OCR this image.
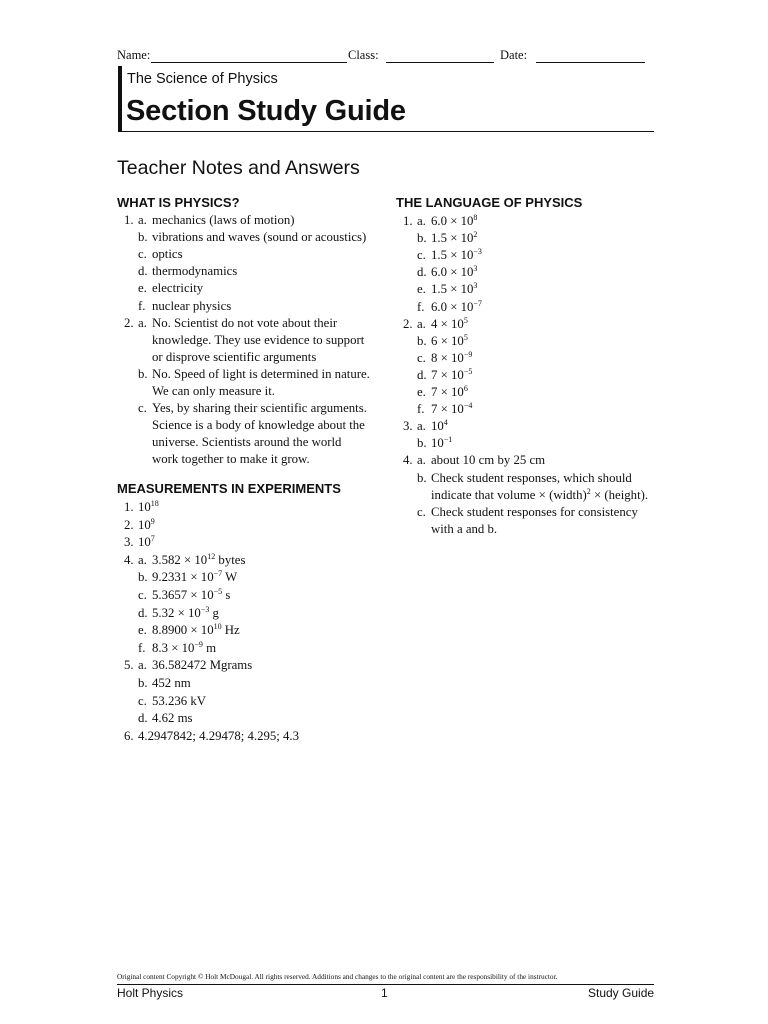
Name:	Class:	Date:
The Science of Physics
Section Study Guide
Teacher Notes and Answers
WHAT IS PHYSICS?
MEASUREMENTS IN EXPERIMENTS
THE LANGUAGE OF PHYSICS
1. a. mechanics (laws of motion)
b. vibrations and waves (sound or acoustics)
c. optics
d. thermodynamics
e. electricity
f. nuclear physics
2. a. No. Scientist do not vote about their
knowledge. They use evidence to support
or disprove scientific arguments
b. No. Speed of light is determined in nature.
We can only measure it.
c. Yes, by sharing their scientific arguments.
Science is a body of knowledge about the
universe. Scientists around the world
work together to make it grow.
1. $10^{18}$
2. $10^9$
3. $10^7$
4. a. $3.582 \times 10^{12}$ bytes
b. $9.2331 \times 10^{-7}$ W
c. $5.3657 \times 10^{-5}$ s
d. $5.32 \times 10^{-3}$ g
e. $8.8900 \times 10^{10}$ Hz
f. $8.3 \times 10^{-9}$ m
5. a. 36.582472 Mgrams
b. 452 nm
c. 53.236 kV
d. 4.62 ms
6. 4.2947842; 4.29478; 4.295; 4.3
1. a. $6.0 \times 10^8$
b. $1.5 \times 10^2$
c. $1.5 \times 10^{-3}$
d. $6.0 \times 10^3$
e. $1.5 \times 10^3$
f. $6.0 \times 10^{-7}$
2. a. $4 \times 10^5$
b. $6 \times 10^5$
c. $8 \times 10^{-9}$
d. $7 \times 10^{-5}$
e. $7 \times 10^6$
f. $7 \times 10^{-4}$
3. a. $10^4$
b. $10^{-1}$
4. a. about 10 cm by 25 cm
b. Check student responses, which should
indicate that volume × (width)$^2$ × (height).
c. Check student responses for consistency
with a and b.
Original content Copyright © Holt McDougal. All rights reserved. Additions and changes to the original content are the responsibility of the instructor.
Holt Physics	1	Study Guide
